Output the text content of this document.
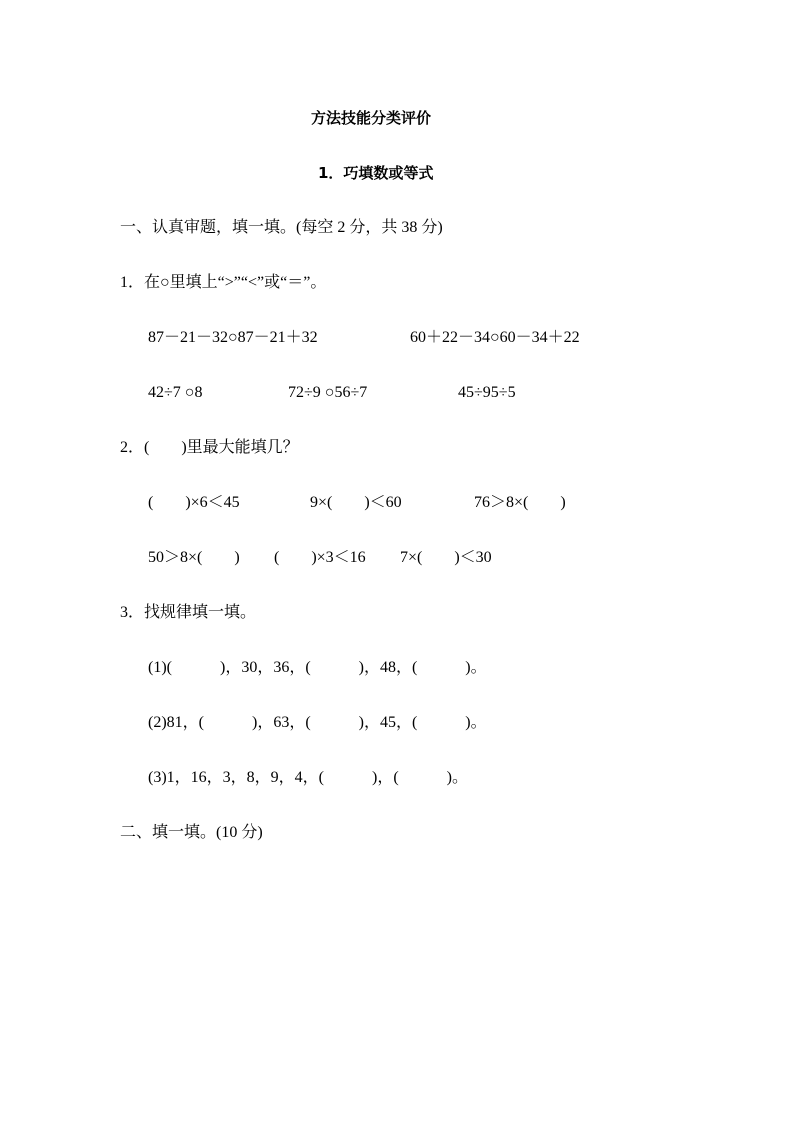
方法技能分类评价
1．巧填数或等式
一、认真审题，填一填。(每空 2 分，共 38 分)
1．在○里填上“>”“<”或“＝”。
87－21－32○87－21＋32	60＋22－34○60－34＋22
42÷7 ○8	72÷9 ○56÷7	45÷95÷5
2．(　　)里最大能填几？
(　　)×6＜45	9×(　　)＜60	76＞8×(　　)
50＞8×(　　) (　　)×3＜16 7×(　　)＜30
3．找规律填一填。
(1)(　　　)，30，36，(　　　)，48，(　　　)。
(2)81，(　　　)，63，(　　　)，45，(　　　)。
(3)1，16，3，8，9，4，(　　　)，(　　　)。
二、填一填。(10 分)
